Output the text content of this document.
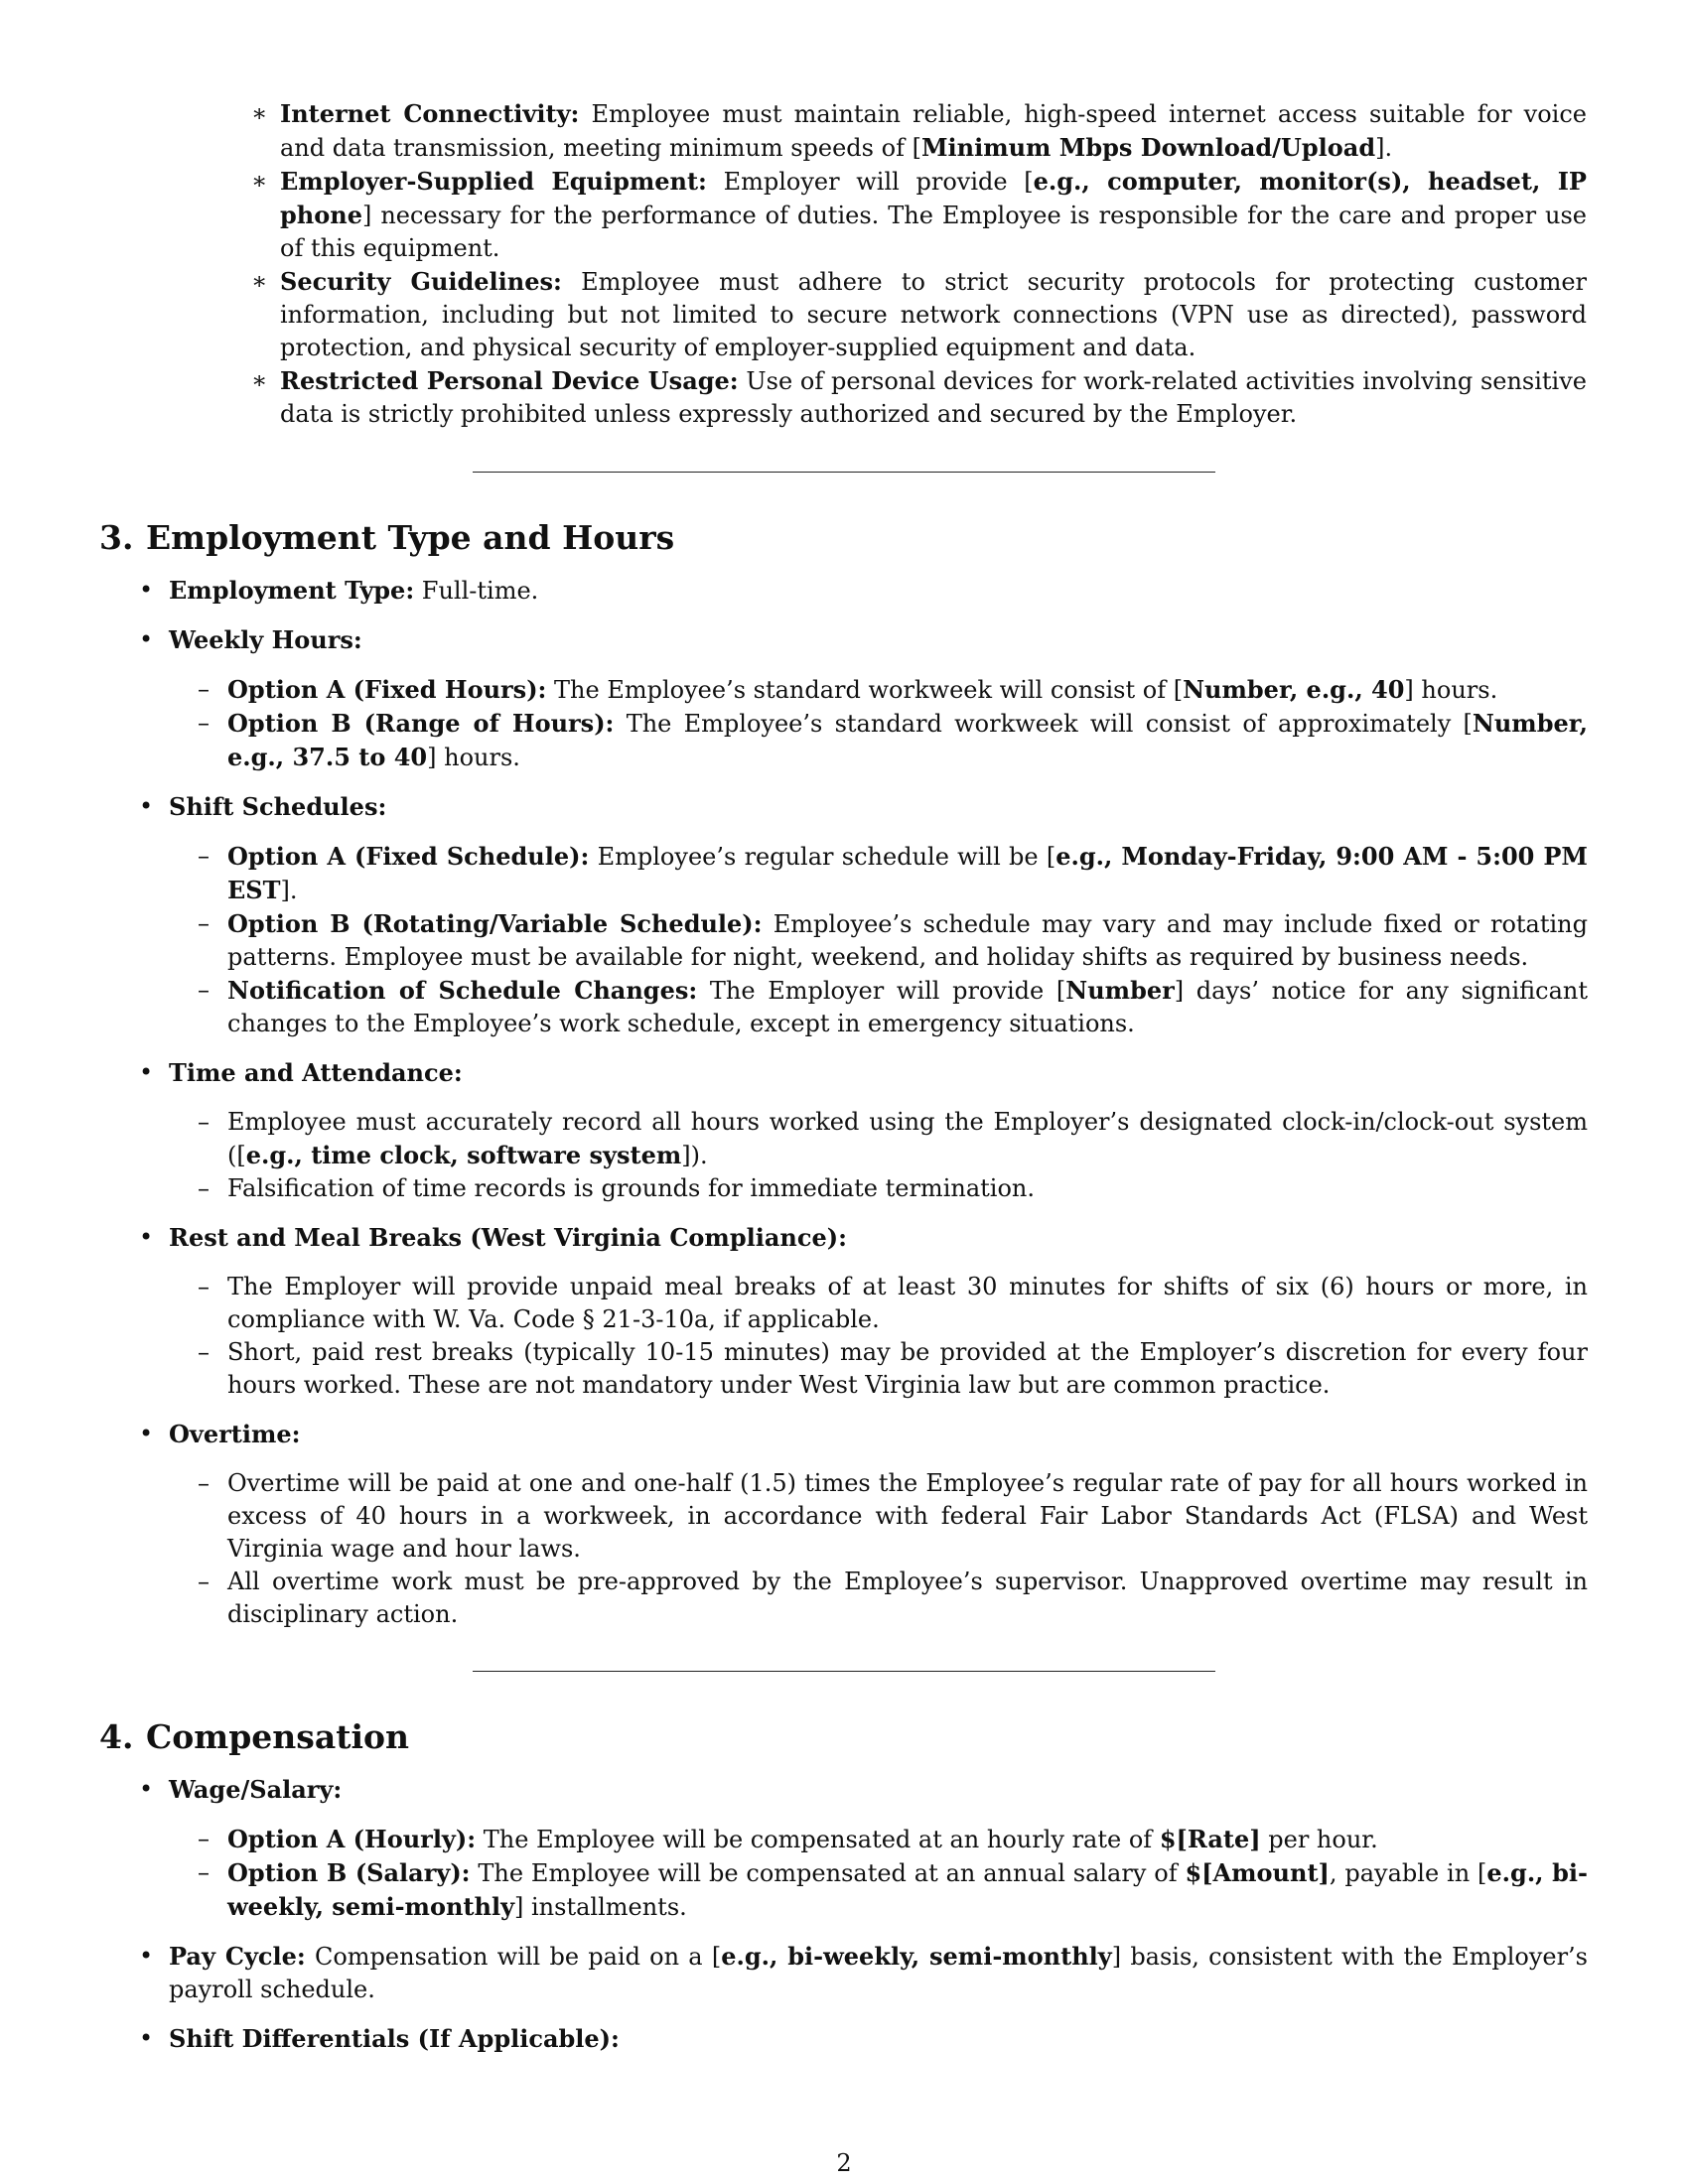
∗ Internet Connectivity: Employee must maintain reliable, high-speed internet access suitable for voice and data transmission, meeting minimum speeds of [Minimum Mbps Download/Upload].
∗ Employer-Supplied Equipment: Employer will provide [e.g., computer, monitor(s), headset, IP phone] necessary for the performance of duties. The Employee is responsible for the care and proper use of this equipment.
∗ Security Guidelines: Employee must adhere to strict security protocols for protecting customer information, including but not limited to secure network connections (VPN use as directed), password protection, and physical security of employer-supplied equipment and data.
∗ Restricted Personal Device Usage: Use of personal devices for work-related activities involving sensitive data is strictly prohibited unless expressly authorized and secured by the Employer.
3. Employment Type and Hours
• Employment Type: Full-time.
• Weekly Hours:
– Option A (Fixed Hours): The Employee’s standard workweek will consist of [Number, e.g., 40] hours.
– Option B (Range of Hours): The Employee’s standard workweek will consist of approximately [Number, e.g., 37.5 to 40] hours.
• Shift Schedules:
– Option A (Fixed Schedule): Employee’s regular schedule will be [e.g., Monday-Friday, 9:00 AM - 5:00 PM EST].
– Option B (Rotating/Variable Schedule): Employee’s schedule may vary and may include fixed or rotating patterns. Employee must be available for night, weekend, and holiday shifts as required by business needs.
– Notification of Schedule Changes: The Employer will provide [Number] days’ notice for any significant changes to the Employee’s work schedule, except in emergency situations.
• Time and Attendance:
– Employee must accurately record all hours worked using the Employer’s designated clock-in/clock-out system ([e.g., time clock, software system]).
– Falsification of time records is grounds for immediate termination.
• Rest and Meal Breaks (West Virginia Compliance):
– The Employer will provide unpaid meal breaks of at least 30 minutes for shifts of six (6) hours or more, in compliance with W. Va. Code § 21-3-10a, if applicable.
– Short, paid rest breaks (typically 10-15 minutes) may be provided at the Employer’s discretion for every four hours worked. These are not mandatory under West Virginia law but are common practice.
• Overtime:
– Overtime will be paid at one and one-half (1.5) times the Employee’s regular rate of pay for all hours worked in excess of 40 hours in a workweek, in accordance with federal Fair Labor Standards Act (FLSA) and West Virginia wage and hour laws.
– All overtime work must be pre-approved by the Employee’s supervisor. Unapproved overtime may result in disciplinary action.
4. Compensation
• Wage/Salary:
– Option A (Hourly): The Employee will be compensated at an hourly rate of $[Rate] per hour.
– Option B (Salary): The Employee will be compensated at an annual salary of $[Amount], payable in [e.g., bi-weekly, semi-monthly] installments.
• Pay Cycle: Compensation will be paid on a [e.g., bi-weekly, semi-monthly] basis, consistent with the Employer’s payroll schedule.
• Shift Differentials (If Applicable):
2
